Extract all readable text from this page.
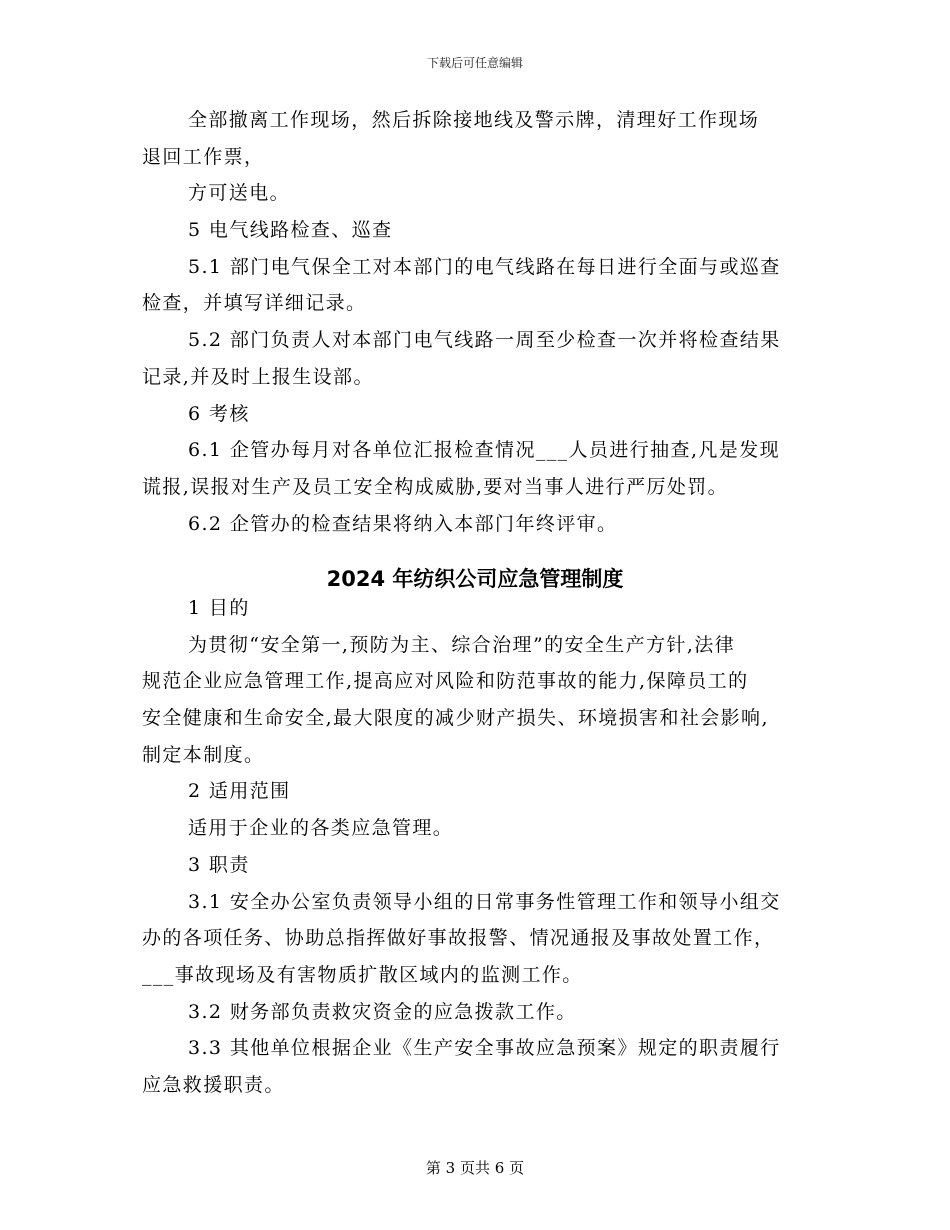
下载后可任意编辑
全部撤离工作现场，然后拆除接地线及警示牌，清理好工作现场
退回工作票，
方可送电。
5 电气线路检查、巡查
5.1 部门电气保全工对本部门的电气线路在每日进行全面与或巡查
检查，并填写详细记录。
5.2 部门负责人对本部门电气线路一周至少检查一次并将检查结果
记录,并及时上报生设部。
6 考核
6.1 企管办每月对各单位汇报检查情况___人员进行抽查,凡是发现
谎报,误报对生产及员工安全构成威胁,要对当事人进行严厉处罚。
6.2 企管办的检查结果将纳入本部门年终评审。
2024 年纺织公司应急管理制度
1 目的
为贯彻“安全第一,预防为主、综合治理”的安全生产方针,法律
规范企业应急管理工作,提高应对风险和防范事故的能力,保障员工的
安全健康和生命安全,最大限度的减少财产损失、环境损害和社会影响,
制定本制度。
2 适用范围
适用于企业的各类应急管理。
3 职责
3.1 安全办公室负责领导小组的日常事务性管理工作和领导小组交
办的各项任务、协助总指挥做好事故报警、情况通报及事故处置工作，
___事故现场及有害物质扩散区域内的监测工作。
3.2 财务部负责救灾资金的应急拨款工作。
3.3 其他单位根据企业《生产安全事故应急预案》规定的职责履行
应急救援职责。
第 3 页共 6 页
